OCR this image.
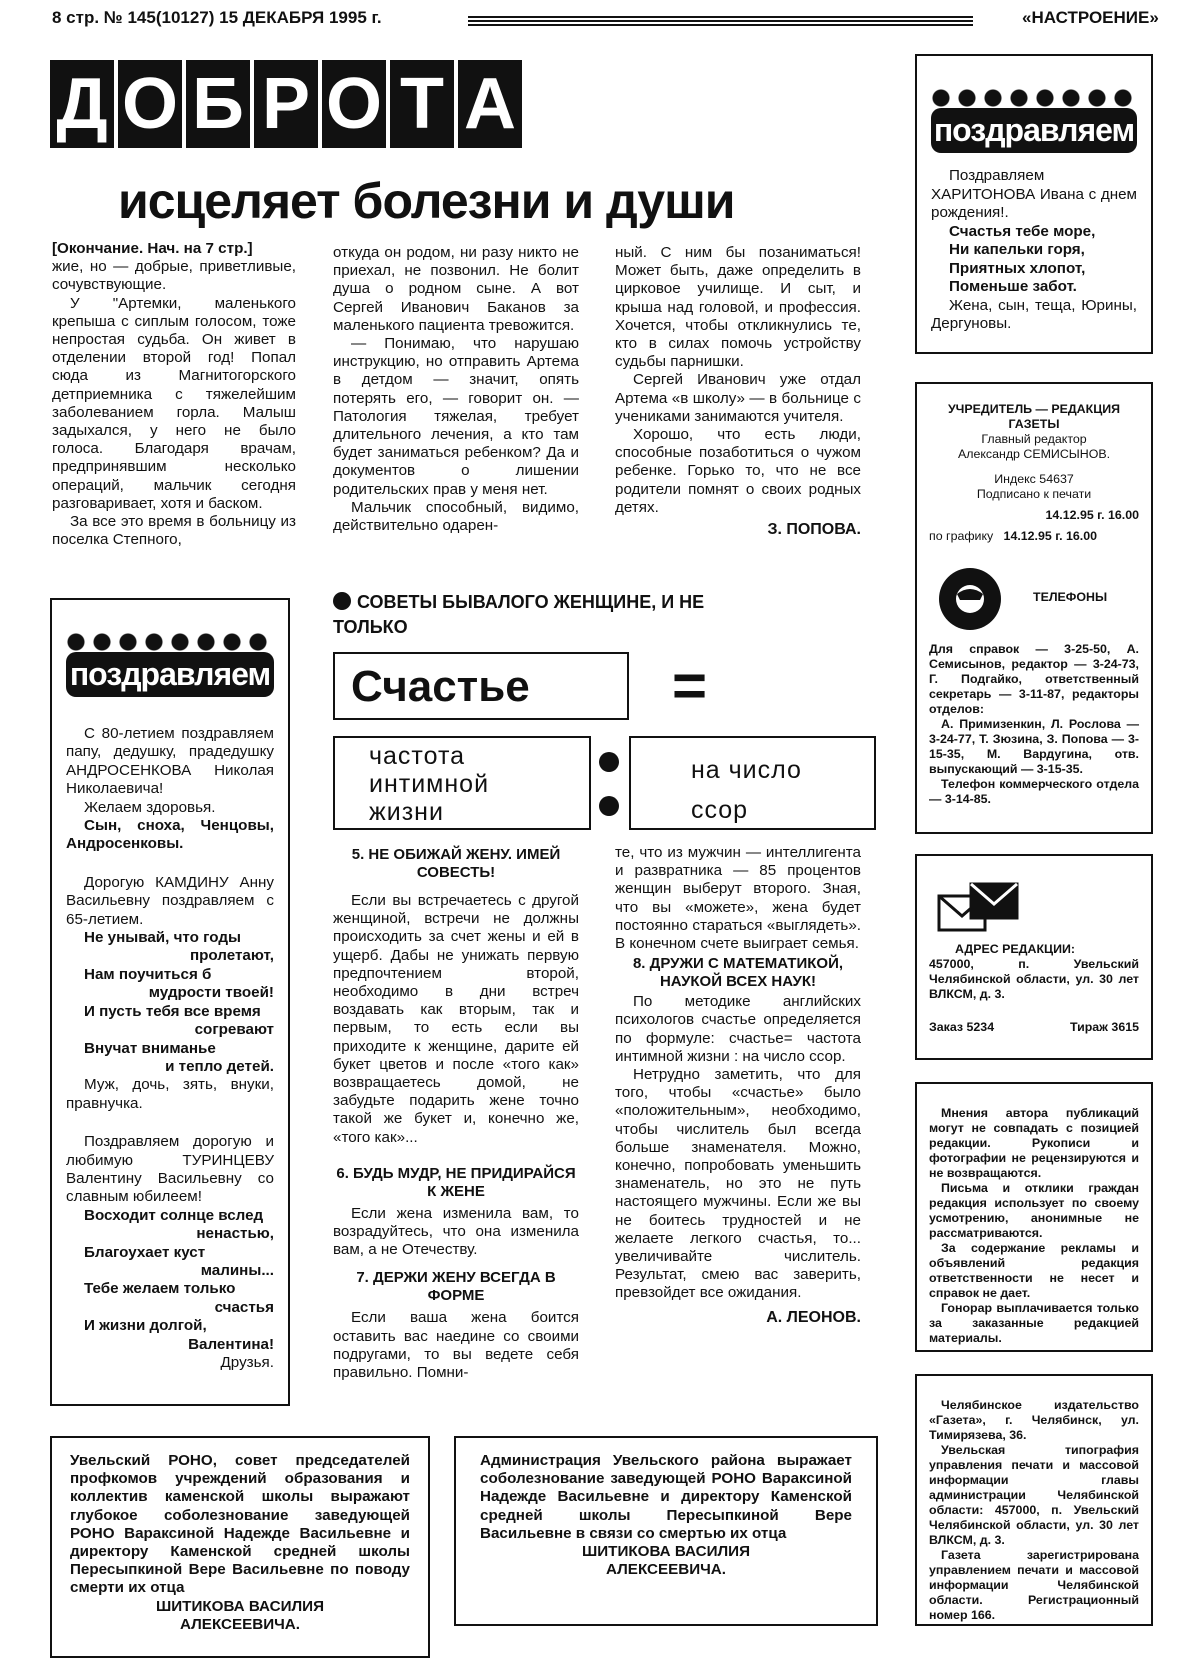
8 стр. № 145(10127) 15 ДЕКАБРЯ 1995 г.	«НАСТРОЕНИЕ»
Д О Б Р О Т А
исцеляет болезни и души

[Окончание. Нач. на 7 стр.]

жие, но — добрые, приветливые, сочувствующие.

У "Артемки, маленького крепыша с сиплым голосом, тоже непростая судьба. Он живет в отделении второй год! Попал сюда из Магнитогорского детприемника с тяжелейшим заболеванием горла. Малыш задыхался, у него не было голоса. Благодаря врачам, предпринявшим несколько операций, мальчик сегодня разговаривает, хотя и баском.

За все это время в больницу из поселка Степного,

откуда он родом, ни разу никто не приехал, не позвонил. Не болит душа о родном сыне. А вот Сергей Иванович Баканов за маленького пациента тревожится.

— Понимаю, что нарушаю инструкцию, но отправить Артема в детдом — значит, опять потерять его, — говорит он. — Патология тяжелая, требует длительного лечения, а кто там будет заниматься ребенком? Да и документов о лишении родительских прав у меня нет.

Мальчик способный, видимо, действительно одарен-

ный. С ним бы позаниматься! Может быть, даже определить в цирковое училище. И сыт, и крыша над головой, и профессия. Хочется, чтобы откликнулись те, кто в силах помочь устройству судьбы парнишки.

Сергей Иванович уже отдал Артема «в школу» — в больнице с учениками занимаются учителя.

Хорошо, что есть люди, способные позаботиться о чужом ребенке. Горько то, что не все родители помнят о своих родных детях.

З. ПОПОВА.

поздравляем

Поздравляем ХАРИТОНОВА Ивана с днем рождения!.

Счастья тебе море,

Ни капельки горя,

Приятных хлопот,

Поменьше забот.

Жена, сын, теща, Юрины, Дергуновы.

УЧРЕДИТЕЛЬ — РЕДАКЦИЯ ГАЗЕТЫ
Главный редактор
Александр СЕМИСЫНОВ.
Индекс 54637
Подписано к печати
14.12.95 г. 16.00
по графику 14.12.95 г. 16.00
ТЕЛЕФОНЫ
Для справок — 3-25-50, А. Семисынов, редактор — 3-24-73, Г. Подгайко, ответственный секретарь — 3-11-87, редакторы отделов:
А. Примизенкин, Л. Рослова — 3-24-77, Т. Зюзина, З. Попова — 3-15-35, М. Вардугина, отв. выпускающий — 3-15-35.
Телефон коммерческого отдела — 3-14-85.
АДРЕС РЕДАКЦИИ:
457000, п. Увельский Челябинской области, ул. 30 лет ВЛКСМ, д. 3.
Заказ 5234	Тираж 3615
Мнения автора публикаций могут не совпадать с позицией редакции. Рукописи и фотографии не рецензируются и не возвращаются.
Письма и отклики граждан редакция использует по своему усмотрению, анонимные не рассматриваются.
За содержание рекламы и объявлений редакция ответственности не несет и справок не дает.
Гонорар выплачивается только за заказанные редакцией материалы.
Челябинское издательство «Газета», г. Челябинск, ул. Тимирязева, 36.
Увельская типография управления печати и массовой информации главы администрации Челябинской области: 457000, п. Увельский Челябинской области, ул. 30 лет ВЛКСМ, д. 3.
Газета зарегистрирована управлением печати и массовой информации Челябинской области. Регистрационный номер 166.
поздравляем

С 80-летием поздравляем папу, дедушку, прадедушку АНДРОСЕНКОВА Николая Николаевича!

Желаем здоровья.

Сын, сноха, Ченцовы, Андросенковы.

Дорогую КАМДИНУ Анну Васильевну поздравляем с 65-летием.

Не унывай, что годы

пролетают,

Нам поучиться б

мудрости твоей!

И пусть тебя все время

согревают

Внучат вниманье

и тепло детей.

Муж, дочь, зять, внуки, правнучка.

Поздравляем дорогую и любимую ТУРИНЦЕВУ Валентину Васильевну со славным юбилеем!

Восходит солнце вслед

ненастью,

Благоухает куст

малины...

Тебе желаем только

счастья

И жизни долгой,

Валентина!

Друзья.

СОВЕТЫ БЫВАЛОГО ЖЕНЩИНЕ, И НЕ ТОЛЬКО
Счастье	=
частота интимной жизни
на число ссор
5. НЕ ОБИЖАЙ ЖЕНУ. ИМЕЙ СОВЕСТЬ!

Если вы встречаетесь с другой женщиной, встречи не должны происходить за счет жены и ей в ущерб. Дабы не унижать первую предпочтением второй, необходимо в дни встреч воздавать как вторым, так и первым, то есть если вы приходите к женщине, дарите ей букет цветов и после «того как» возвращаетесь домой, не забудьте подарить жене точно такой же букет и, конечно же, «того как»...

6. БУДЬ МУДР, НЕ ПРИДИРАЙСЯ К ЖЕНЕ

Если жена изменила вам, то возрадуйтесь, что она изменила вам, а не Отечеству.

7. ДЕРЖИ ЖЕНУ ВСЕГДА В ФОРМЕ

Если ваша жена боится оставить вас наедине со своими подругами, то вы ведете себя правильно. Помни-

те, что из мужчин — интеллигента и развратника — 85 процентов женщин выберут второго. Зная, что вы «можете», жена будет постоянно стараться «выглядеть». В конечном счете выиграет семья.

8. ДРУЖИ С МАТЕМАТИКОЙ, НАУКОЙ ВСЕХ НАУК!

По методике английских психологов счастье определяется по формуле: счастье= частота интимной жизни : на число ссор.

Нетрудно заметить, что для того, чтобы «счастье» было «положительным», необходимо, чтобы числитель был всегда больше знаменателя. Можно, конечно, попробовать уменьшить знаменатель, но это не путь настоящего мужчины. Если же вы не боитесь трудностей и не желаете легкого счастья, то... увеличивайте числитель. Результат, смею вас заверить, превзойдет все ожидания.

А. ЛЕОНОВ.

Увельский РОНО, совет председателей профкомов учреждений образования и коллектив каменской школы выражают глубокое соболезнование заведующей РОНО Вараксиной Надежде Васильевне и директору Каменской средней школы Пересыпкиной Вере Васильевне по поводу смерти их отца
ШИТИКОВА ВАСИЛИЯ АЛЕКСЕЕВИЧА.
Администрация Увельского района выражает соболезнование заведующей РОНО Вараксиной Надежде Васильевне и директору Каменской средней школы Пересыпкиной Вере Васильевне в связи со смертью их отца
ШИТИКОВА ВАСИЛИЯ АЛЕКСЕЕВИЧА.
